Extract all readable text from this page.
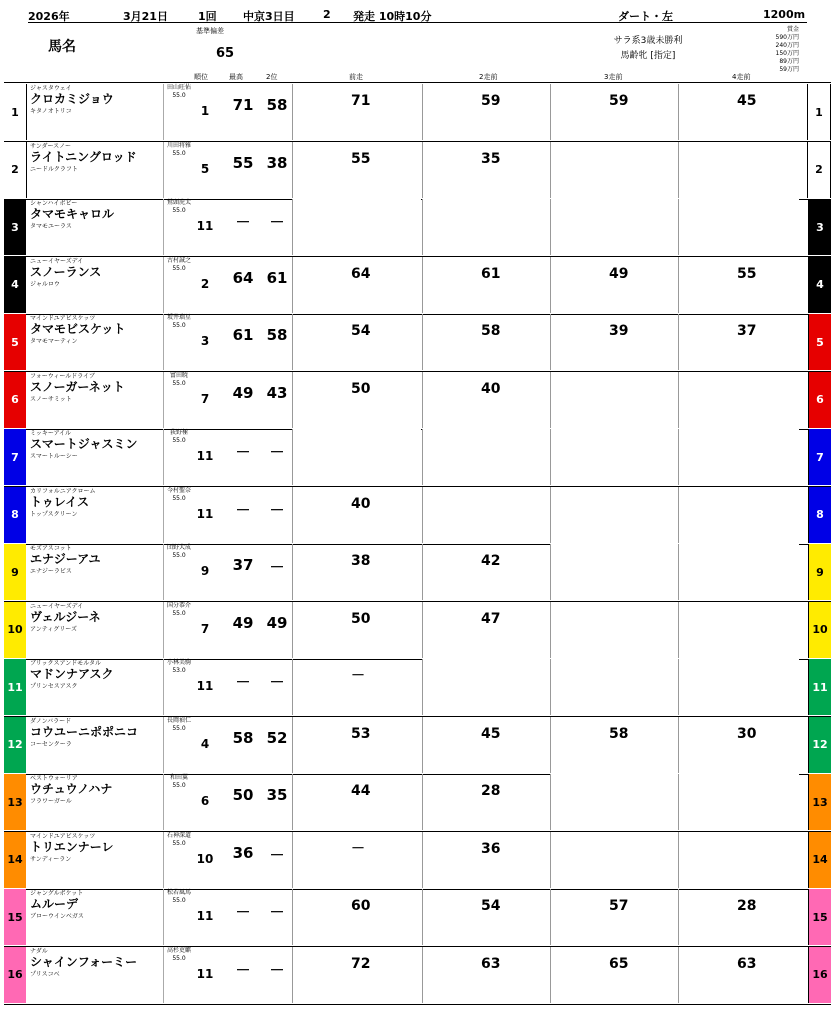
2026年	3月21日	1回 中京3日目	2 発走 10時10分	ダート・左	1200m
馬名
基準偏差
65
順位	最高	2位	前走	2走前	3走前	4走前
サラ系3歳未勝利
馬齢牝 [指定]
賞金
590万円
240万円
150万円
89万円
59万円
1	1
ジャスタウェイ
クロカミジョウ
キタノオトリコ
田山旺佑
55.0
1	71 58	71	59	59	45
2	2
サンダースノー
ライトニングロッド
ニードルクラフト
川田将雅
55.0
5	55 38	55	35
3	3
シャンハイボビー
タマモキャロル
タマモユーラス
鷲頭虎太
55.0
11	－	－
4	4
ニューイヤーズデイ
スノーランス
ジャルロウ
古村誠之
55.0
2	64 61	64	61	49	55
5	5
マインドユアビスケッツ
タマモビスケット
タマモマーティン
坂井瑠星
55.0
3	61 58	54	58	39	37
6	6
フォーウィールドライブ
スノーガーネット
スノーサミット
富田暁
55.0
7	49 43	50	40
7	7
ミッキーアイル
スマートジャスミン
スマートルーシー
荻野極
55.0
11	－	－
8	8
カリフォルニアクローム
トゥレイス
トップスクリーン
今村聖奈
55.0
11	－	－	40
9	9
モズアスコット
エナジーアユ
エナジーラビス
団野大成
55.0
9	37	－	38	42
10	10
ニューイヤーズデイ
ヴェルジーネ
アンティグリーズ
国分恭介
55.0
7	49 49	50	47
11	11
ブリックスアンドモルタル
マドンナアスク
プリンセスアスク
小林美駒
53.0
11	－	－	－
12	12
ダノンバラード
コウユーニポポニコ
コーセンクーラ
長岡禎仁
55.0
4	58 52	53	45	58	30
13	13
ベストウォーリア
ウチュウノハナ
フラワーガール
和田翼
55.0
6	50 35	44	28
14	14
マインドユアビスケッツ
トリエンナーレ
サンディーラン
石神深道
55.0
10	36	－	－	36
15	15
ジャングルポケット
ムルーデ
ブローウインベガス
松若風馬
55.0
11	－	－	60	54	57	28
16	16
ナダル
シャインフォーミー
プリスコベ
高杉吏麒
55.0
11	－	－	72	63	65	63
